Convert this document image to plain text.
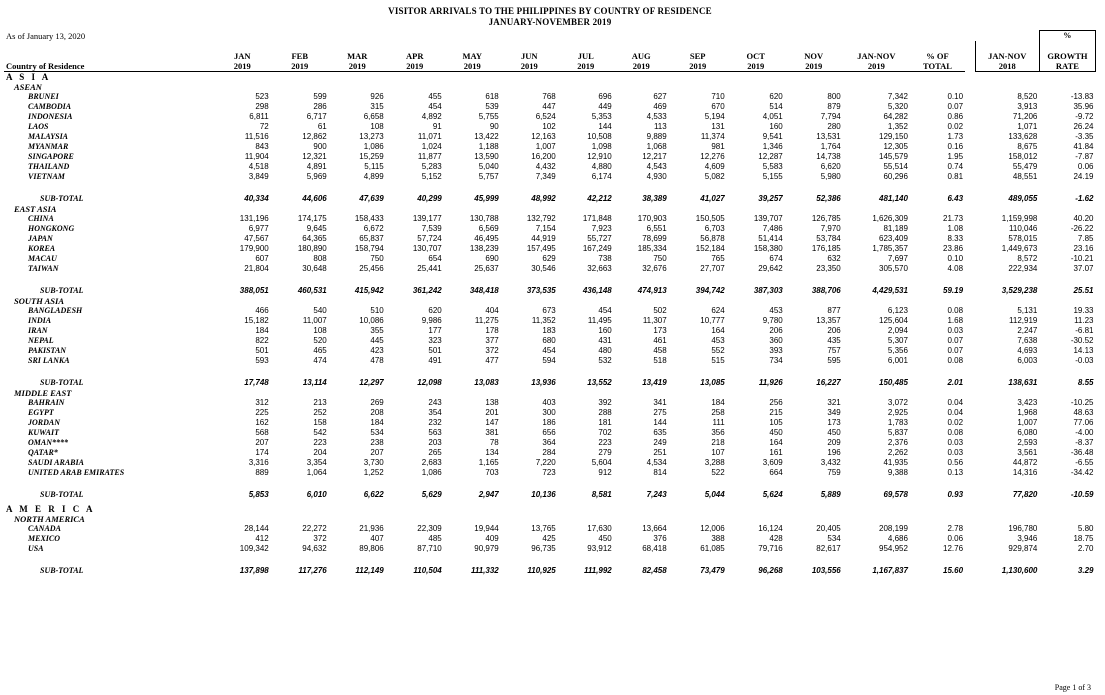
VISITOR ARRIVALS TO THE PHILIPPINES BY COUNTRY OF RESIDENCE
JANUARY-NOVEMBER 2019
As of January 13, 2020																%
	JAN	FEB	MAR	APR	MAY	JUN	JUL	AUG	SEP	OCT	NOV	JAN-NOV	% OF		JAN-NOV	GROWTH
Country of Residence	2019	2019	2019	2019	2019	2019	2019	2019	2019	2019	2019	2019	TOTAL		2018	RATE
A S I A																
ASEAN																
BRUNEI	523	599	926	455	618	768	696	627	710	620	800	7,342	0.10		8,520	-13.83
CAMBODIA	298	286	315	454	539	447	449	469	670	514	879	5,320	0.07		3,913	35.96
INDONESIA	6,811	6,717	6,658	4,892	5,755	6,524	5,353	4,533	5,194	4,051	7,794	64,282	0.86		71,206	-9.72
LAOS	72	61	108	91	90	102	144	113	131	160	280	1,352	0.02		1,071	26.24
MALAYSIA	11,516	12,862	13,273	11,071	13,422	12,163	10,508	9,889	11,374	9,541	13,531	129,150	1.73		133,628	-3.35
MYANMAR	843	900	1,086	1,024	1,188	1,007	1,098	1,068	981	1,346	1,764	12,305	0.16		8,675	41.84
SINGAPORE	11,904	12,321	15,259	11,877	13,590	16,200	12,910	12,217	12,276	12,287	14,738	145,579	1.95		158,012	-7.87
THAILAND	4,518	4,891	5,115	5,283	5,040	4,432	4,880	4,543	4,609	5,583	6,620	55,514	0.74		55,479	0.06
VIETNAM	3,849	5,969	4,899	5,152	5,757	7,349	6,174	4,930	5,082	5,155	5,980	60,296	0.81		48,551	24.19

SUB-TOTAL	40,334	44,606	47,639	40,299	45,999	48,992	42,212	38,389	41,027	39,257	52,386	481,140	6.43		489,055	-1.62
EAST ASIA																
CHINA	131,196	174,175	158,433	139,177	130,788	132,792	171,848	170,903	150,505	139,707	126,785	1,626,309	21.73		1,159,998	40.20
HONGKONG	6,977	9,645	6,672	7,539	6,569	7,154	7,923	6,551	6,703	7,486	7,970	81,189	1.08		110,046	-26.22
JAPAN	47,567	64,365	65,837	57,724	46,495	44,919	55,727	78,699	56,878	51,414	53,784	623,409	8.33		578,015	7.85
KOREA	179,900	180,890	158,794	130,707	138,239	157,495	167,249	185,334	152,184	158,380	176,185	1,785,357	23.86		1,449,673	23.16
MACAU	607	808	750	654	690	629	738	750	765	674	632	7,697	0.10		8,572	-10.21
TAIWAN	21,804	30,648	25,456	25,441	25,637	30,546	32,663	32,676	27,707	29,642	23,350	305,570	4.08		222,934	37.07

SUB-TOTAL	388,051	460,531	415,942	361,242	348,418	373,535	436,148	474,913	394,742	387,303	388,706	4,429,531	59.19		3,529,238	25.51
SOUTH ASIA																
BANGLADESH	466	540	510	620	404	673	454	502	624	453	877	6,123	0.08		5,131	19.33
INDIA	15,182	11,007	10,086	9,986	11,275	11,352	11,495	11,307	10,777	9,780	13,357	125,604	1.68		112,919	11.23
IRAN	184	108	355	177	178	183	160	173	164	206	206	2,094	0.03		2,247	-6.81
NEPAL	822	520	445	323	377	680	431	461	453	360	435	5,307	0.07		7,638	-30.52
PAKISTAN	501	465	423	501	372	454	480	458	552	393	757	5,356	0.07		4,693	14.13
SRI LANKA	593	474	478	491	477	594	532	518	515	734	595	6,001	0.08		6,003	-0.03

SUB-TOTAL	17,748	13,114	12,297	12,098	13,083	13,936	13,552	13,419	13,085	11,926	16,227	150,485	2.01		138,631	8.55
MIDDLE EAST																
BAHRAIN	312	213	269	243	138	403	392	341	184	256	321	3,072	0.04		3,423	-10.25
EGYPT	225	252	208	354	201	300	288	275	258	215	349	2,925	0.04		1,968	48.63
JORDAN	162	158	184	232	147	186	181	144	111	105	173	1,783	0.02		1,007	77.06
KUWAIT	568	542	534	563	381	656	702	635	356	450	450	5,837	0.08		6,080	-4.00
OMAN****	207	223	238	203	78	364	223	249	218	164	209	2,376	0.03		2,593	-8.37
QATAR*	174	204	207	265	134	284	279	251	107	161	196	2,262	0.03		3,561	-36.48
SAUDI ARABIA	3,316	3,354	3,730	2,683	1,165	7,220	5,604	4,534	3,288	3,609	3,432	41,935	0.56		44,872	-6.55
UNITED ARAB EMIRATES	889	1,064	1,252	1,086	703	723	912	814	522	664	759	9,388	0.13		14,316	-34.42

SUB-TOTAL	5,853	6,010	6,622	5,629	2,947	10,136	8,581	7,243	5,044	5,624	5,889	69,578	0.93		77,820	-10.59

A M E R I C A																
NORTH AMERICA																
CANADA	28,144	22,272	21,936	22,309	19,944	13,765	17,630	13,664	12,006	16,124	20,405	208,199	2.78		196,780	5.80
MEXICO	412	372	407	485	409	425	450	376	388	428	534	4,686	0.06		3,946	18.75
USA	109,342	94,632	89,806	87,710	90,979	96,735	93,912	68,418	61,085	79,716	82,617	954,952	12.76		929,874	2.70

SUB-TOTAL	137,898	117,276	112,149	110,504	111,332	110,925	111,992	82,458	73,479	96,268	103,556	1,167,837	15.60		1,130,600	3.29
Page 1 of 3
